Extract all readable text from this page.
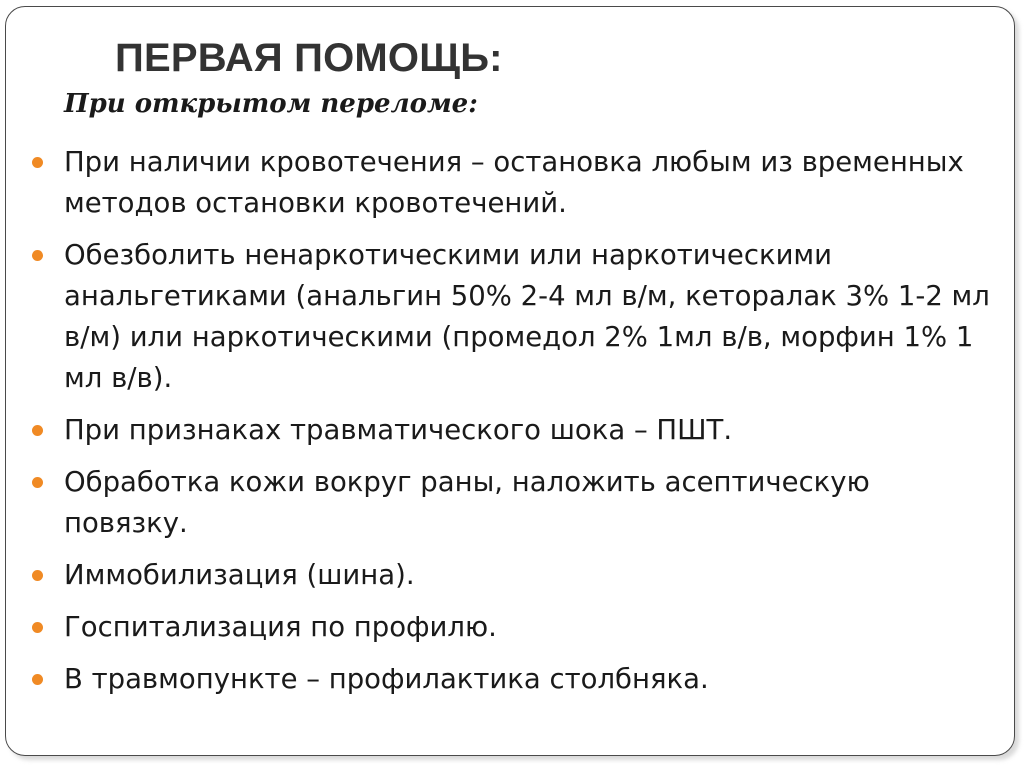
ПЕРВАЯ ПОМОЩЬ:
При открытом переломе:
При наличии кровотечения – остановка любым из временных методов остановки кровотечений.
Обезболить ненаркотическими или наркотическими анальгетиками (анальгин 50% 2-4 мл в/м, кеторалак 3% 1-2 мл в/м) или наркотическими (промедол 2% 1мл в/в, морфин 1% 1 мл в/в).
При признаках травматического шока – ПШТ.
Обработка кожи вокруг раны, наложить асептическую повязку.
Иммобилизация (шина).
Госпитализация по профилю.
В травмопункте – профилактика столбняка.
